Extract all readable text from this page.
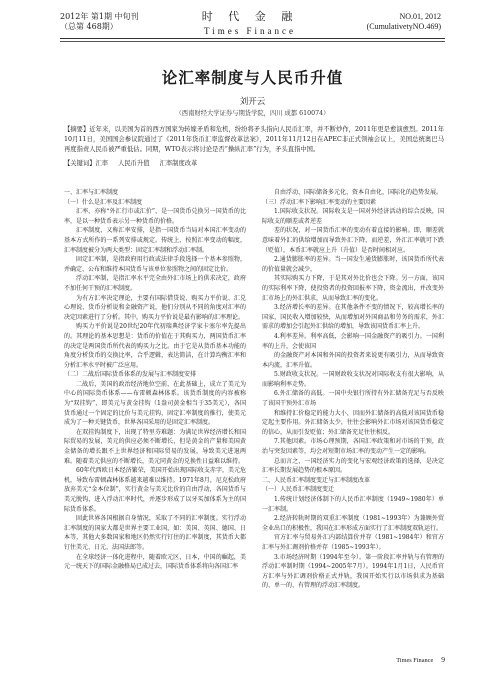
2012年 第1期 中旬刊
（总第 468期）
时 代 金 融
Times Finance
NO.01, 2012
(CumulativetyNO.469)
论汇率制度与人民币升值
刘开云
（西南财经大学证券与期货学院，四川 成都 610074）
【摘要】近年来，以美国为首的西方国家为转嫁矛盾和危机，纷纷将矛头指向人民币汇率，并不断炒作，2011年更是愈演愈烈。2011年10月11日，美国国会参议院通过了《2011年货币汇率监督改革法案》，2011年11月12日在APEC非正式领袖会议上，美国总统奥巴马再度指责人民币被严重低估。同期，WTO表示将讨论是否“操纵汇率”行为，矛头直指中国。
【关键词】汇率 人民币升值 汇率制度改革

一、汇率与汇率制度

（一）什么是汇率及汇率制度

汇率，亦称“外汇行市或汇价”，是一国货币兑换另一国货币的比率，是以一种货币表示另一种货币的价格。

汇率制度，又称汇率安排，是指一国货币当局对本国汇率变动的基本方式所作的一系列安排或规定。传统上，按照汇率变动的幅度，汇率制度被分为两大类型：固定汇率制和浮动汇率制。

固定汇率制，是指政府用行政或法律手段选择一个基本参照物，并确定、公布和维持本国货币与该单位参照物之间的固定比价。

浮动汇率制，是指汇率水平完全由外汇市场上的供求决定，政府不加任何干预的汇率制度。

为有方汇率决定理论，主要有国际借贷说、购买力平价说、汇兑心理说、货币分析说和金融资产说，他们分别从不同的角度对汇率的决定因素进行了分析。其中，购买力平价说是最有影响的汇率理论。

购买力平价说是20世纪20年代初瑞典经济学家卡塞尔率先提出的。其理论的基本思想是：货币的价值在于其购买力，两国货币汇率的决定是两国货币所代表的购买力之比。由于它是从货币基本功能的角度分析货币的交换比率，合乎逻辑，表达简洁，在计算均衡汇率和分析汇率水平时被广泛应用。

（二）二战后国际货币体系的发展与汇率制度安排

二战后，美国的政治经济地位空前，在此基础上，成立了美元为中心的国际货币体系——布雷顿森林体系。该货币制度的内容被称为“双挂钩”，即美元与黄金挂钩（1盎司黄金相当于35美元），各国货币通过一个固定的比价与美元挂钩，固定汇率制度的推行，使美元成为了一种关键货币，世界各国采用的是固定汇率制度。

在双挂钩制度下，出现了特里芬难题：为满足世界经济增长和国际贸易的发展，美元的供应必须不断增长，但是黄金的产量和美国黄金储备的增长跟不上世界经济和国际贸易的发展，导致美元进退两难。随着美元供应的不断增长，美元同黄金的兑换性日益难以维持。

60年代西欧日本经济繁荣，美国开始出现国际收支赤字，美元危机，导致布雷顿森林体系越来越难以维持。1971年8月，尼克松政府放弃美元“金本位制”，实行黄金与美元比价的自由浮动，各国货币与美元脱钩，进入浮动汇率时代，并逐步形成了以牙买加体系为主的国际货币体系。

固此世界各国根据自身情况，采取了不同的汇率制度。实行浮动汇率制度的国家大都是世界主要工业国，如：美国、英国、德国、日本等，其他大多数国家和地区仍然实行钉住的汇率制度，其货币大都钉住美元、日元、法国法郎等。

在全球经济一体化进程中，随着欧元区，日本，中国的崛起，美元一统天下的国际金融格局已成过去，国际货币体系将向各国汇率

自由浮动、国际储备多元化、资本自由化，国际化的趋势发展。

（三）浮动汇率下影响汇率变动的主要因素

1.国际收支状况。国际收支是一国对外经济活动的综合反映，国际收支的顺差或者逆差

差的状况，对一国货币汇率的变动有着直接的影响。即，顺差就意味着外汇的供给增加而导致外汇下降，而逆差，外汇汇率就可下跌（贬值），本币汇率就应上升（升值）是否时间相对应。

2.通货膨胀率的差异。当一国发生通货膨胀时，该国货币所代表的价值量就会减少，

其实际购买力下降，于是其对外比价也会下降。另一方面，该国的实际利率下降，使投资者的投资回报率下降，资金流出，并改变外汇市场上的外汇供求，从而导致汇率的变化。

3.经济增长率的差异。在其他条件不变的情况下，较高增长率的国家，国民收入增加较快，从而增加对外国商品和劳务的需求，外汇需求的增加会引起外汇供给的增加，导致该国货币汇率上升。

4.利率差异。利率高低，会影响一国金融资产的吸引力。一国利率的上升，会使该国

的金融资产对本国和外国的投资者来说更有吸引力，从而导致资本内流，汇率升值。

5.财政收支状况。一国财政收支状况对国际收支有很大影响，从而影响利率走势。

6.外汇储备的高低。一国中央银行所持有外汇储备充足与否反映了该国干预外汇市场

和维持汇价稳定的能力大小，因而外汇储备的高低对该国货币稳定起主要作用。外汇储备太少，往往会影响外汇市场对该国货币稳定的信心，从而引发贬值；外汇储备充足往往相反。

7.其他因素。市场心理预期，各国汇率政策和对市场的干预，政治与突发因素等，均会对短期市场汇率的变动产生一定的影响。

总而言之，一国经济实力的变化与宏观经济政策的选择，是决定汇率长期发展趋势的根本原因。

二、人民币汇率制度变迁与汇率制度改革

（一）人民币汇率制度变迁

1.传统计划经济体制下的人民币汇率制度（1949~1980年）单一汇率制。

2.经济转轨时期的双重汇率制度（1981~1993年）为兼顾外贸全业出口的积极性，我国在汇率形成方面实行了汇率制度双轨运行。

官方汇率与贸易外汇内部结算价并存（1981~1984年）和官方汇率与外汇调剂价格并存（1985~1993年）。

3.市场经济时期（1994年至今）。第一阶段汇率并轨与有管理的浮动汇率制时期（1994~2005年7月）。1994年1月1日，人民币官方汇率与外汇调剂价格正式并轨，我国开始实行以市场供求为基础的、单一的、有管理的浮动汇率制度。

Times Finance 9
